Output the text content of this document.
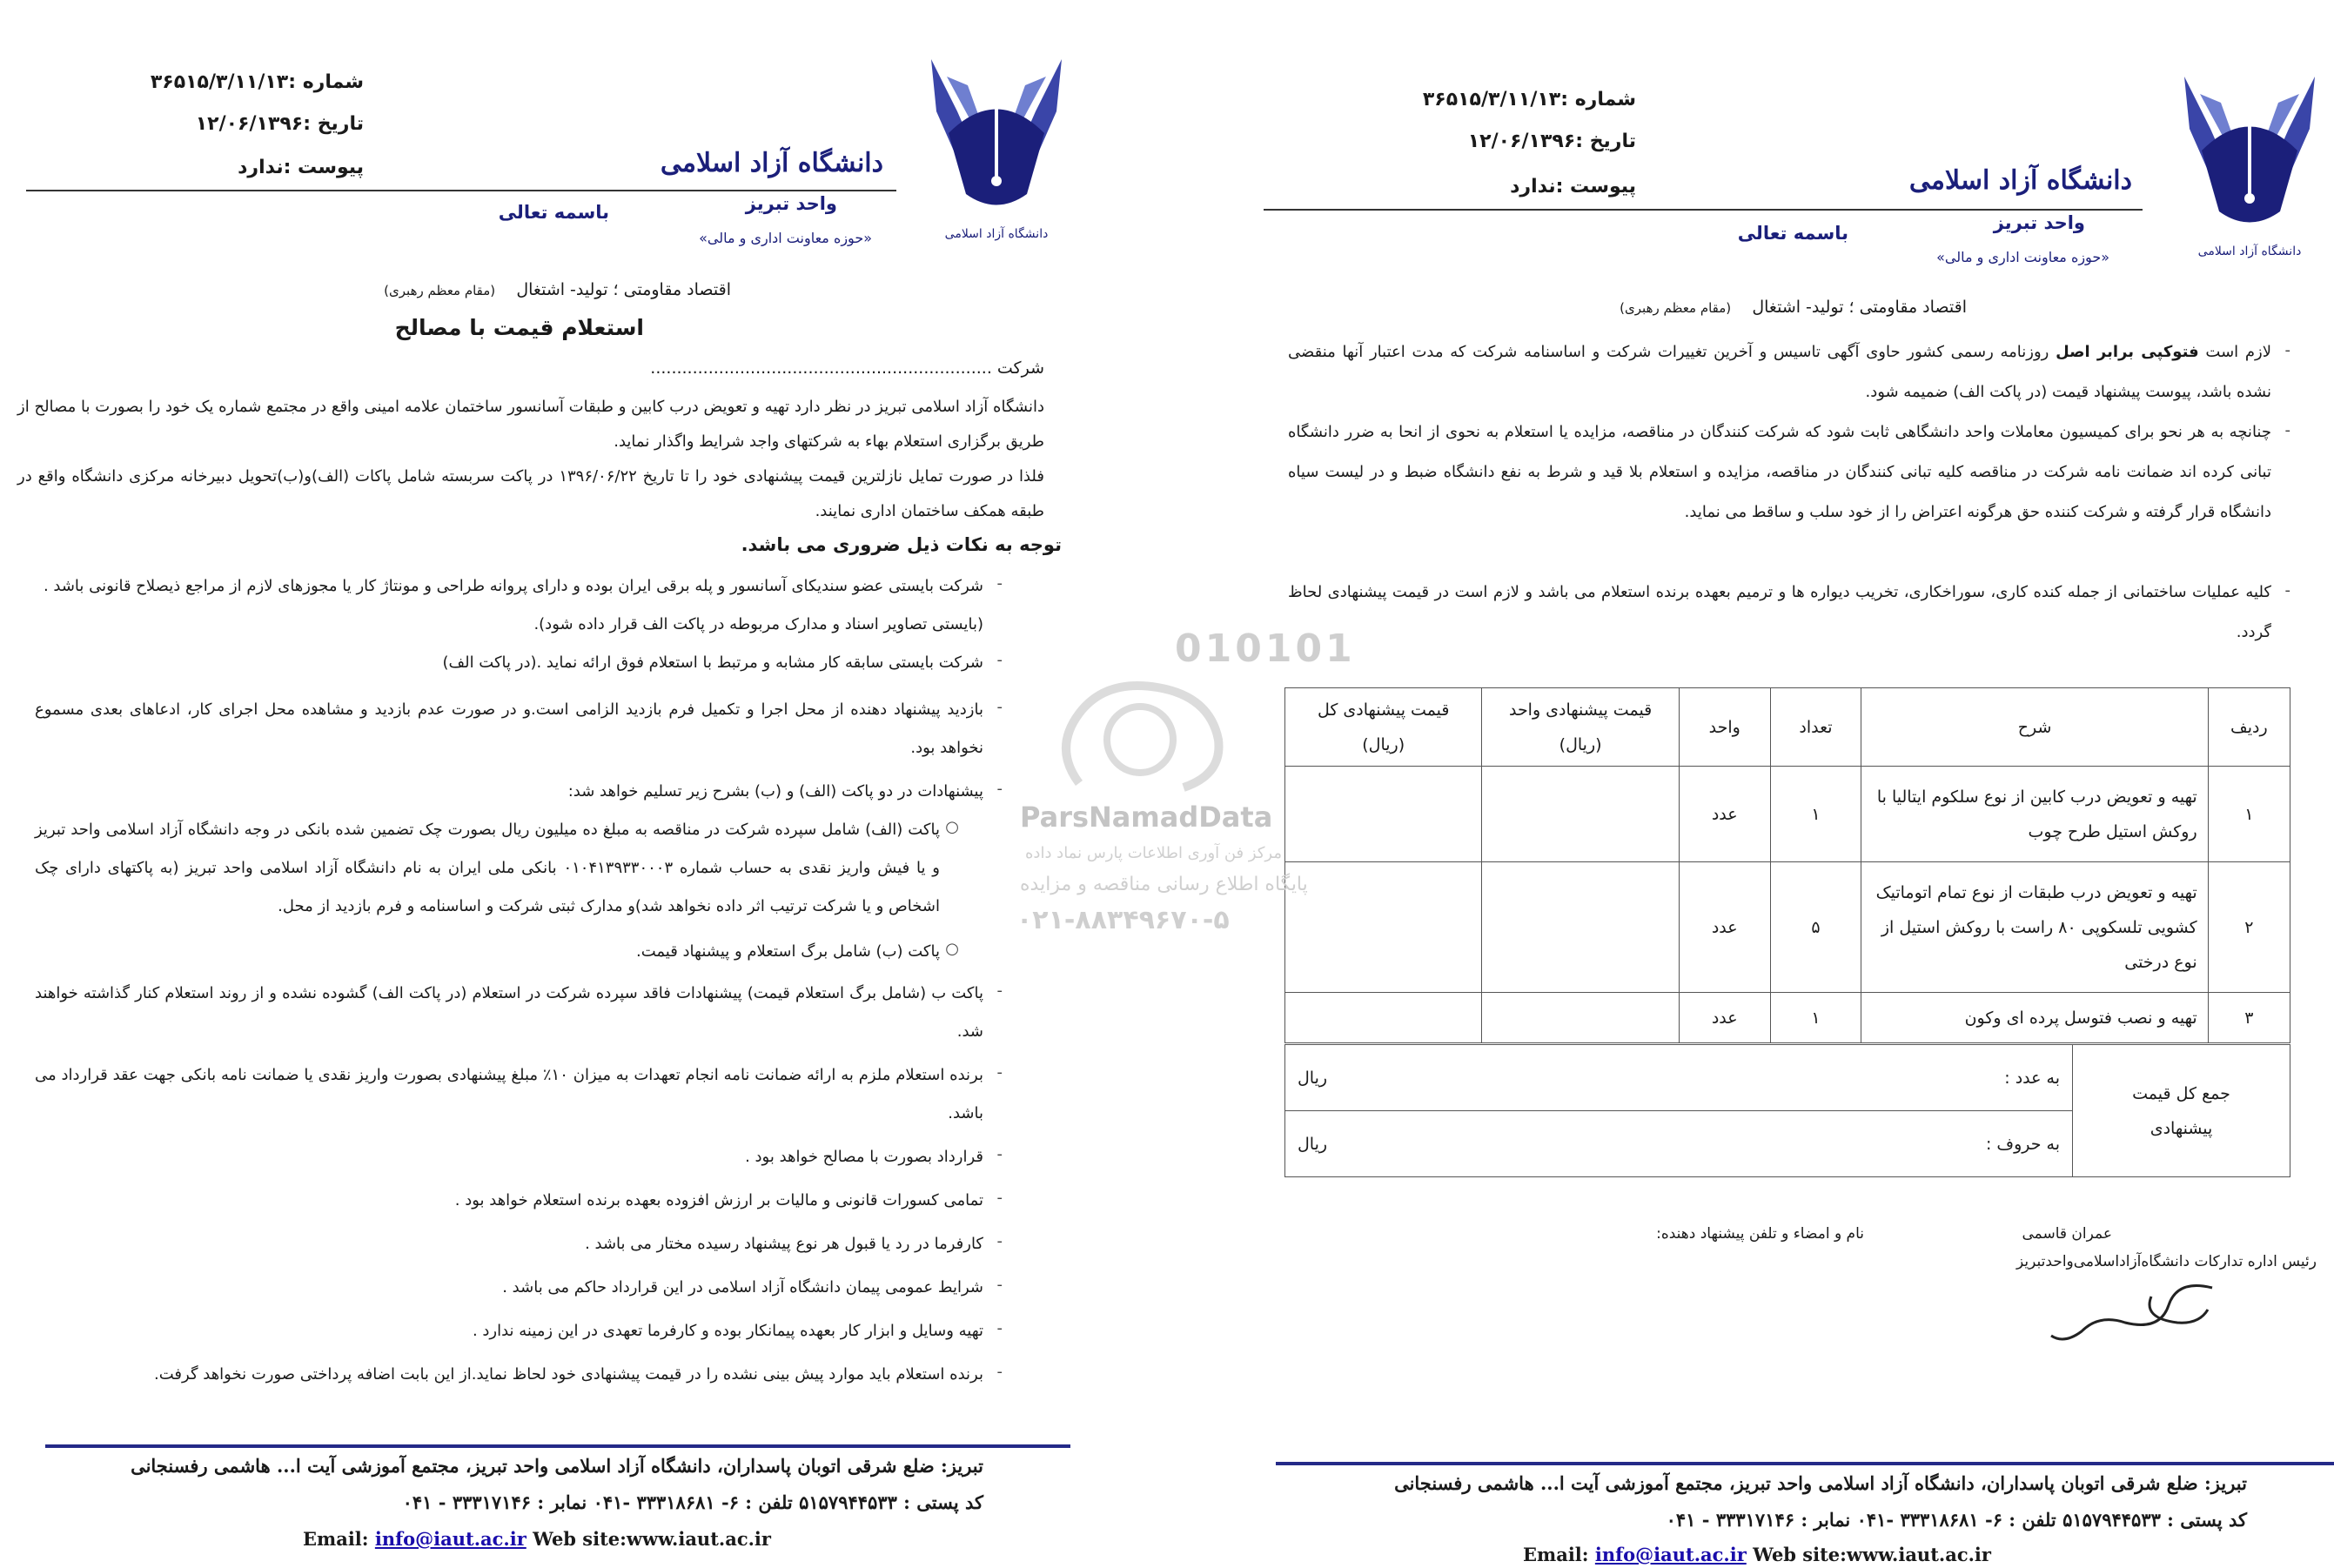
دانشگاه آزاد اسلامی
دانشگاه آزاد اسلامی
واحد تبریز
«حوزه معاونت اداری و مالی»
باسمه تعالی
شماره :۳۶۵۱۵/۳/۱۱/۱۳
تاریخ :۱۲/۰۶/۱۳۹۶
پیوست :ندارد
اقتصاد مقاومتی ؛ تولید- اشتغال    (مقام معظم رهبری)
استعلام قیمت با مصالح
شرکت .................................................................
دانشگاه آزاد اسلامی تبریز در نظر دارد تهیه و تعویض درب کابین و طبقات آسانسور ساختمان علامه امینی واقع در مجتمع شماره یک خود را بصورت با مصالح از طریق برگزاری استعلام بهاء به شرکتهای واجد شرایط واگذار نماید.
فلذا در صورت تمایل نازلترین قیمت پیشنهادی خود را تا تاریخ ۱۳۹۶/۰۶/۲۲ در پاکت سربسته شامل پاکات (الف)و(ب)تحویل دبیرخانه مرکزی دانشگاه واقع در طبقه همکف ساختمان اداری نمایند.
توجه به نکات ذیل ضروری می باشد.
-
شرکت بایستی عضو سندیکای آسانسور و پله برقی ایران بوده و دارای پروانه طراحی و مونتاژ کار یا مجوزهای لازم از مراجع ذیصلاح قانونی باشد .
(بایستی تصاویر اسناد و مدارک مربوطه در پاکت الف قرار داده شود).
-
شرکت بایستی سابقه کار مشابه و مرتبط با استعلام فوق ارائه نماید .(در پاکت الف)
-
بازدید پیشنهاد دهنده از محل اجرا و تکمیل فرم بازدید الزامی است.و در صورت عدم بازدید و مشاهده محل اجرای کار، ادعاهای بعدی مسموع نخواهد بود.
-
پیشنهادات در دو پاکت (الف) و (ب) بشرح زیر تسلیم خواهد شد:
○
پاکت (الف) شامل سپرده شرکت در مناقصه به مبلغ ده میلیون ریال بصورت چک تضمین شده بانکی در وجه دانشگاه آزاد اسلامی واحد تبریز و یا فیش واریز نقدی به حساب شماره ۰۱۰۴۱۳۹۳۳۰۰۰۳ بانکی ملی ایران به نام دانشگاه آزاد اسلامی واحد تبریز (به پاکتهای دارای چک اشخاص و یا شرکت ترتیب اثر داده نخواهد شد)و مدارک ثبتی شرکت و اساسنامه و فرم بازدید از محل.
○
پاکت (ب) شامل برگ استعلام و پیشنهاد قیمت.
-
پاکت ب (شامل برگ استعلام قیمت) پیشنهادات فاقد سپرده شرکت در استعلام (در پاکت الف) گشوده نشده و از روند استعلام کنار گذاشته خواهند شد.
-
برنده استعلام ملزم به ارائه ضمانت نامه انجام تعهدات به میزان ۱۰٪ مبلغ پیشنهادی بصورت واریز نقدی یا ضمانت نامه بانکی جهت عقد قرارداد می باشد.
-
قرارداد بصورت با مصالح خواهد بود .
-
تمامی کسورات قانونی و مالیات بر ارزش افزوده بعهده برنده استعلام خواهد بود .
-
کارفرما در رد یا قبول هر نوع پیشنهاد رسیده مختار می باشد .
-
شرایط عمومی پیمان دانشگاه آزاد اسلامی در این قرارداد حاکم می باشد .
-
تهیه وسایل و ابزار کار بعهده پیمانکار بوده و کارفرما تعهدی در این زمینه ندارد .
-
برنده استعلام باید موارد پیش بینی نشده را در قیمت پیشنهادی خود لحاظ نماید.از این بابت اضافه پرداختی صورت نخواهد گرفت.
تبریز: ضلع شرقی اتوبان پاسداران، دانشگاه آزاد اسلامی واحد تبریز، مجتمع آموزشی آیت ا... هاشمی رفسنجانی
کد پستی : ۵۱۵۷۹۴۴۵۳۳ تلفن : ۶- ۳۳۳۱۸۶۸۱ -۰۴۱ نمابر : ۳۳۳۱۷۱۴۶ - ۰۴۱
Email: info@iaut.ac.ir Web site:www.iaut.ac.ir
دانشگاه آزاد اسلامی
دانشگاه آزاد اسلامی
واحد تبریز
«حوزه معاونت اداری و مالی»
باسمه تعالی
شماره :۳۶۵۱۵/۳/۱۱/۱۳
تاریخ :۱۲/۰۶/۱۳۹۶
پیوست :ندارد
اقتصاد مقاومتی ؛ تولید- اشتغال    (مقام معظم رهبری)
-
لازم است فتوکپی برابر اصل روزنامه رسمی کشور حاوی آگهی تاسیس و آخرین تغییرات شرکت و اساسنامه شرکت که مدت اعتبار آنها منقضی نشده باشد، پیوست پیشنهاد قیمت (در پاکت الف) ضمیمه شود.
-
چنانچه به هر نحو برای کمیسیون معاملات واحد دانشگاهی ثابت شود که شرکت کنندگان در مناقصه، مزایده یا استعلام به نحوی از انحا به ضرر دانشگاه تبانی کرده اند ضمانت نامه شرکت در مناقصه کلیه تبانی کنندگان در مناقصه، مزایده و استعلام بلا قید و شرط به نفع دانشگاه ضبط و در لیست سیاه دانشگاه قرار گرفته و شرکت کننده حق هرگونه اعتراض را از خود سلب و ساقط می نماید.
-
کلیه عملیات ساختمانی از جمله کنده کاری، سوراخکاری، تخریب دیواره ها و ترمیم بعهده برنده استعلام می باشد و لازم است در قیمت پیشنهادی لحاظ گردد.
ردیف	شرح	تعداد	واحد	قیمت پیشنهادی واحد (ریال)	قیمت پیشنهادی کل (ریال)
۱	تهیه و تعویض درب کابین از نوع سلکوم ایتالیا با روکش استیل طرح چوب	۱	عدد		
۲	تهیه و تعویض درب طبقات از نوع تمام اتوماتیک کشویی تلسکوپی ۸۰ راست با روکش استیل از نوع درختی	۵	عدد		
۳	تهیه و نصب فتوسل پرده ای وکون	۱	عدد		
جمع کل قیمت پیشنهادی	
به عدد :
ریال

به حروف :
ریال
عمران قاسمی
رئیس اداره تدارکات دانشگاه‌آزاداسلامی‌واحدتبریز
نام و امضاء و تلفن پیشنهاد دهنده:
تبریز: ضلع شرقی اتوبان پاسداران، دانشگاه آزاد اسلامی واحد تبریز، مجتمع آموزشی آیت ا... هاشمی رفسنجانی
کد پستی : ۵۱۵۷۹۴۴۵۳۳ تلفن : ۶- ۳۳۳۱۸۶۸۱ -۰۴۱ نمابر : ۳۳۳۱۷۱۴۶ - ۰۴۱
Email: info@iaut.ac.ir Web site:www.iaut.ac.ir
010101
ParsNamadData
مرکز فن آوری اطلاعات پارس نماد داده
پایگاه اطلاع رسانی مناقصه و مزایده
۰۲۱-۸۸۳۴۹۶۷۰-۵
